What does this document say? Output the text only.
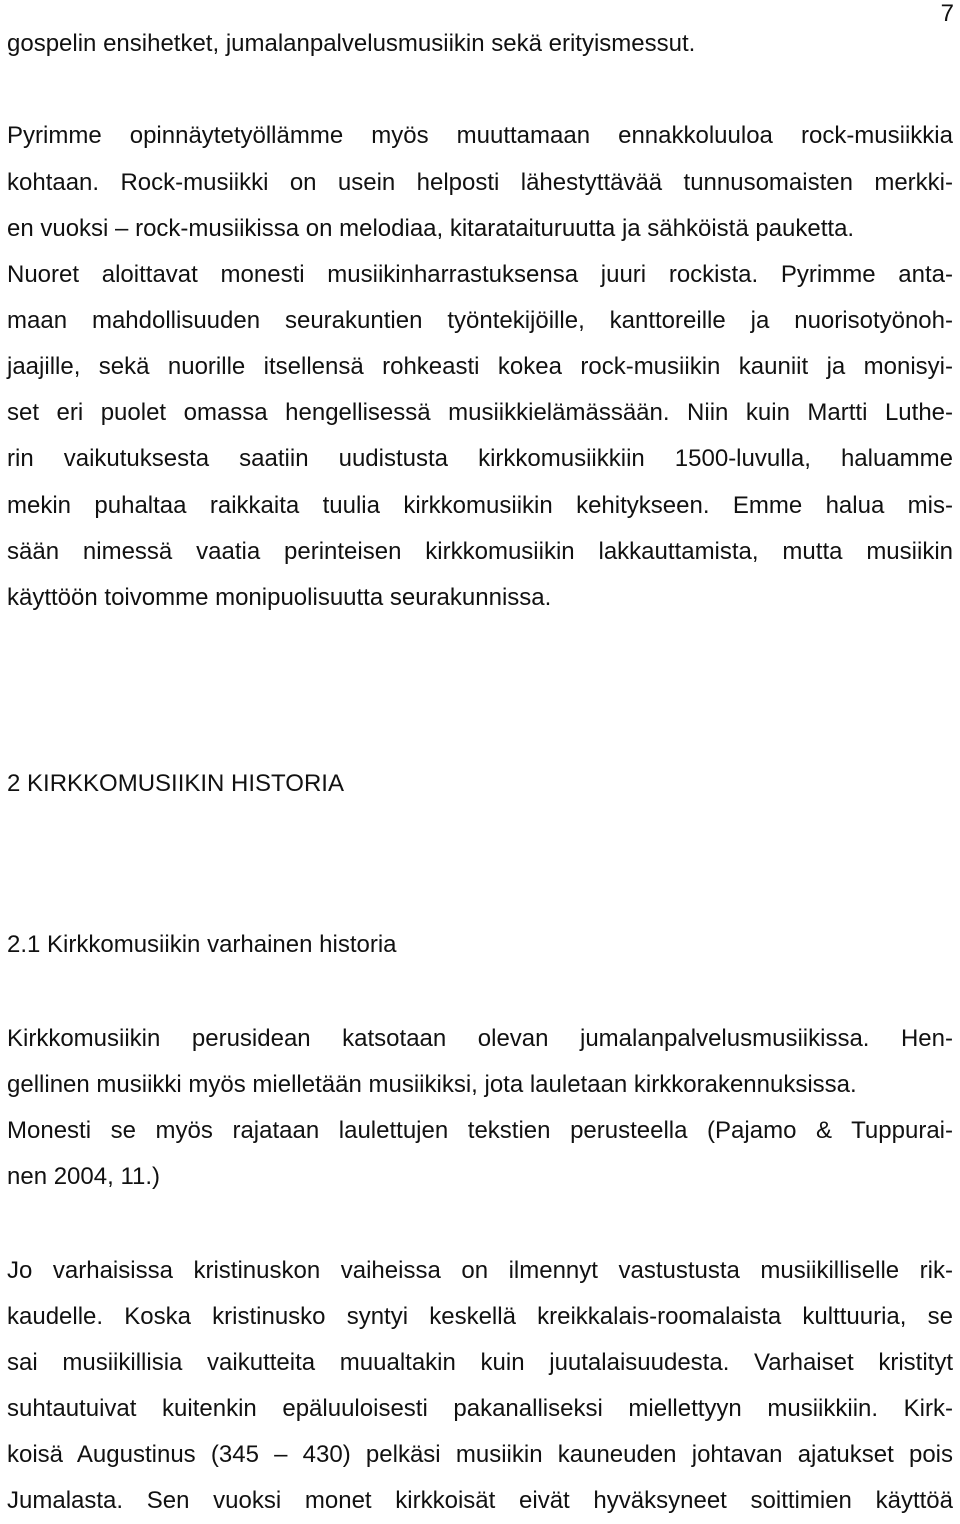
7
gospelin ensihetket, jumalanpalvelusmusiikin sekä erityismessut.
Pyrimme opinnäytetyöllämme myös muuttamaan ennakkoluuloa rock-musiikkia
kohtaan. Rock-musiikki on usein helposti lähestyttävää tunnusomaisten merkki-
en vuoksi – rock-musiikissa on melodiaa, kitarataituruutta ja sähköistä pauketta.
Nuoret aloittavat monesti musiikinharrastuksensa juuri rockista. Pyrimme anta-
maan mahdollisuuden seurakuntien työntekijöille, kanttoreille ja nuorisotyönoh-
jaajille, sekä nuorille itsellensä rohkeasti kokea rock-musiikin kauniit ja monisyi-
set eri puolet omassa hengellisessä musiikkielämässään. Niin kuin Martti Luthe-
rin vaikutuksesta saatiin uudistusta kirkkomusiikkiin 1500-luvulla, haluamme
mekin puhaltaa raikkaita tuulia kirkkomusiikin kehitykseen. Emme halua mis-
sään nimessä vaatia perinteisen kirkkomusiikin lakkauttamista, mutta musiikin
käyttöön toivomme monipuolisuutta seurakunnissa.
2 KIRKKOMUSIIKIN HISTORIA
2.1 Kirkkomusiikin varhainen historia
Kirkkomusiikin perusidean katsotaan olevan jumalanpalvelusmusiikissa. Hen-
gellinen musiikki myös mielletään musiikiksi, jota lauletaan kirkkorakennuksissa.
Monesti se myös rajataan laulettujen tekstien perusteella (Pajamo & Tuppurai-
nen 2004, 11.)
Jo varhaisissa kristinuskon vaiheissa on ilmennyt vastustusta musiikilliselle rik-
kaudelle. Koska kristinusko syntyi keskellä kreikkalais-roomalaista kulttuuria, se
sai musiikillisia vaikutteita muualtakin kuin juutalaisuudesta. Varhaiset kristityt
suhtautuivat kuitenkin epäluuloisesti pakanalliseksi miellettyyn musiikkiin. Kirk-
koisä Augustinus (345 – 430) pelkäsi musiikin kauneuden johtavan ajatukset pois
Jumalasta. Sen vuoksi monet kirkkoisät eivät hyväksyneet soittimien käyttöä
